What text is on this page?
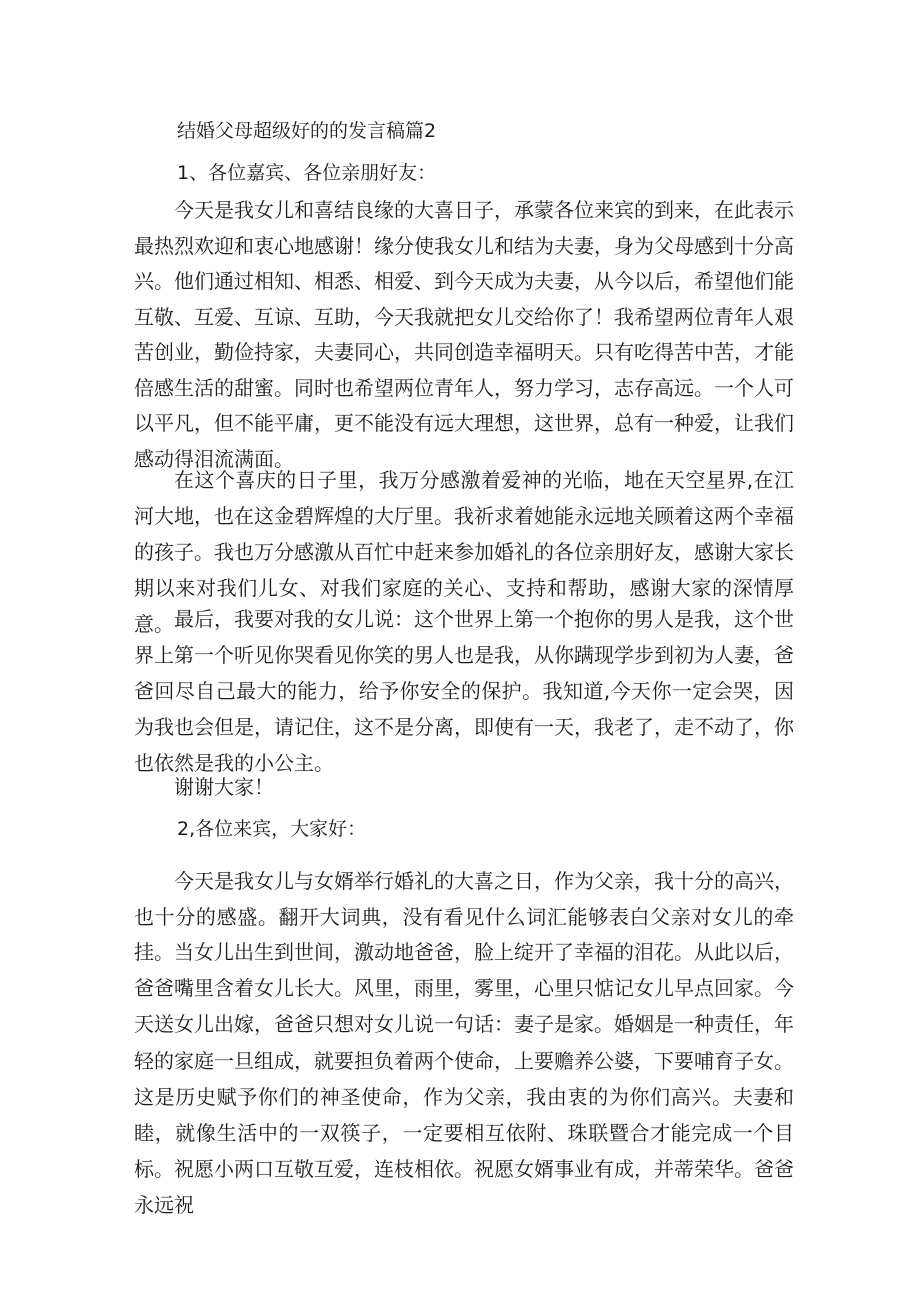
结婚父母超级好的的发言稿篇2

1、各位嘉宾、各位亲朋好友：

今天是我女儿和喜结良缘的大喜日子，承蒙各位来宾的到来，在此表示最热烈欢迎和衷心地感谢！缘分使我女儿和结为夫妻，身为父母感到十分高兴。他们通过相知、相悉、相爱、到今天成为夫妻，从今以后，希望他们能互敬、互爱、互谅、互助，今天我就把女儿交给你了！我希望两位青年人艰苦创业，勤俭持家，夫妻同心，共同创造幸福明天。只有吃得苦中苦，才能倍感生活的甜蜜。同时也希望两位青年人，努力学习，志存高远。一个人可以平凡，但不能平庸，更不能没有远大理想，这世界，总有一种爱，让我们感动得泪流满面。

在这个喜庆的日子里，我万分感激着爱神的光临，地在天空星界,在江河大地，也在这金碧辉煌的大厅里。我祈求着她能永远地关顾着这两个幸福的孩子。我也万分感激从百忙中赶来参加婚礼的各位亲朋好友，感谢大家长期以来对我们儿女、对我们家庭的关心、支持和帮助，感谢大家的深情厚意。 最后，我要对我的女儿说：这个世界上第一个抱你的男人是我，这个世界上第一个听见你哭看见你笑的男人也是我，从你蹒现学步到初为人妻，爸爸回尽自己最大的能力，给予你安全的保护。我知道,今天你一定会哭，因为我也会但是，请记住，这不是分离，即使有一天，我老了，走不动了，你也依然是我的小公主。

谢谢大家！

2,各位来宾，大家好：

今天是我女儿与女婿举行婚礼的大喜之日，作为父亲，我十分的高兴，也十分的感盛。翻开大词典，没有看见什么词汇能够表白父亲对女儿的牵挂。 当女儿出生到世间，激动地爸爸，脸上绽开了幸福的泪花。从此以后，爸爸嘴里含着女儿长大。风里，雨里，雾里，心里只惦记女儿早点回家。今天送女儿出嫁，爸爸只想对女儿说一句话：妻子是家。婚姻是一种责任，年轻的家庭一旦组成，就要担负着两个使命，上要赡养公婆，下要哺育子女。这是历史赋予你们的神圣使命，作为父亲，我由衷的为你们高兴。夫妻和睦，就像生活中的一双筷子，一定要相互依附、珠联暨合才能完成一个目标。祝愿小两口互敬互爱，连枝相依。祝愿女婿事业有成，并蒂荣华。爸爸永远祝
